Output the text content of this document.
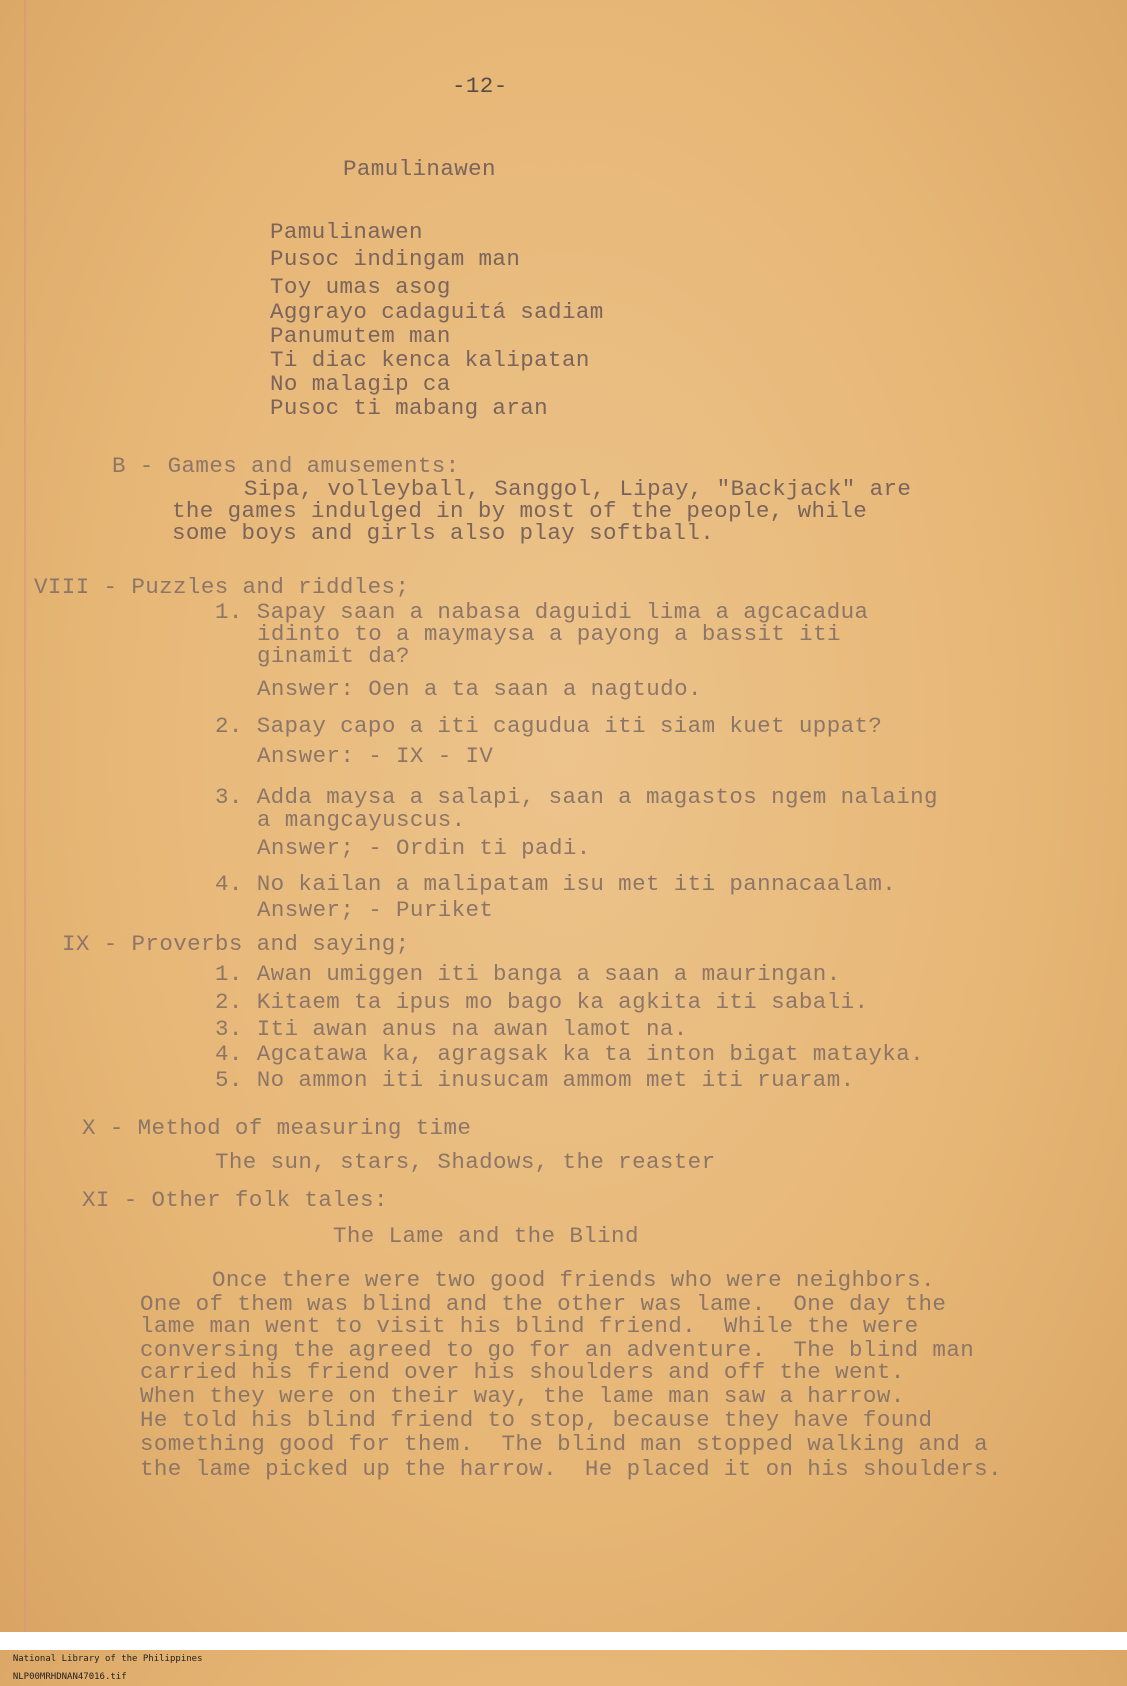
-12-
Pamulinawen
Pamulinawen
Pusoc indingam man
Toy umas asog
Aggrayo cadaguitá sadiam
Panumutem man
Ti diac kenca kalipatan
No malagip ca
Pusoc ti mabang aran
B - Games and amusements:
Sipa, volleyball, Sanggol, Lipay, "Backjack" are
the games indulged in by most of the people, while
some boys and girls also play softball.
VIII - Puzzles and riddles;
1. Sapay saan a nabasa daguidi lima a agcacadua
idinto to a maymaysa a payong a bassit iti
ginamit da?
Answer: Oen a ta saan a nagtudo.
2. Sapay capo a iti cagudua iti siam kuet uppat?
Answer: - IX - IV
3. Adda maysa a salapi, saan a magastos ngem nalaing
a mangcayuscus.
Answer; - Ordin ti padi.
4. No kailan a malipatam isu met iti pannacaalam.
Answer; - Puriket
IX - Proverbs and saying;
1. Awan umiggen iti banga a saan a mauringan.
2. Kitaem ta ipus mo bago ka agkita iti sabali.
3. Iti awan anus na awan lamot na.
4. Agcatawa ka, agragsak ka ta inton bigat matayka.
5. No ammon iti inusucam ammom met iti ruaram.
X - Method of measuring time
The sun, stars, Shadows, the reaster
XI - Other folk tales:
The Lame and the Blind
Once there were two good friends who were neighbors.
One of them was blind and the other was lame.  One day the
lame man went to visit his blind friend.  While the were
conversing the agreed to go for an adventure.  The blind man
carried his friend over his shoulders and off the went.
When they were on their way, the lame man saw a harrow.
He told his blind friend to stop, because they have found
something good for them.  The blind man stopped walking and a
the lame picked up the harrow.  He placed it on his shoulders.

National Library of the Philippines
NLP00MRHDNAN47016.tif
